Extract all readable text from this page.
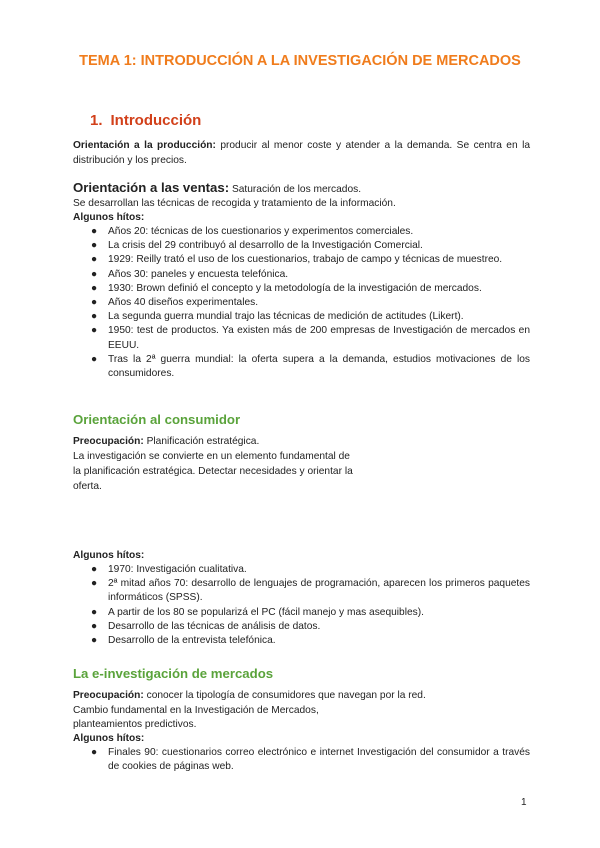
TEMA 1: INTRODUCCIÓN A LA INVESTIGACIÓN DE MERCADOS
1. Introducción
Orientación a la producción: producir al menor coste y atender a la demanda. Se centra en la distribución y los precios.
Orientación a las ventas: Saturación de los mercados.
Se desarrollan las técnicas de recogida y tratamiento de la información.
Algunos hítos:
● Años 20: técnicas de los cuestionarios y experimentos comerciales.
● La crisis del 29 contribuyó al desarrollo de la Investigación Comercial.
● 1929: Reilly trató el uso de los cuestionarios, trabajo de campo y técnicas de muestreo.
● Años 30: paneles y encuesta telefónica.
● 1930: Brown definió el concepto y la metodología de la investigación de mercados.
● Años 40 diseños experimentales.
● La segunda guerra mundial trajo las técnicas de medición de actitudes (Likert).
● 1950: test de productos. Ya existen más de 200 empresas de Investigación de mercados en EEUU.
● Tras la 2ª guerra mundial: la oferta supera a la demanda, estudios motivaciones de los consumidores.
Orientación al consumidor
Preocupación: Planificación estratégica.
La investigación se convierte en un elemento fundamental de
la planificación estratégica. Detectar necesidades y orientar la
oferta.
Algunos hítos:
● 1970: Investigación cualitativa.
● 2ª mitad años 70: desarrollo de lenguajes de programación, aparecen los primeros paquetes informáticos (SPSS).
● A partir de los 80 se popularizá el PC (fácil manejo y mas asequibles).
● Desarrollo de las técnicas de análisis de datos.
● Desarrollo de la entrevista telefónica.
La e-investigación de mercados
Preocupación: conocer la tipología de consumidores que navegan por la red.
Cambio fundamental en la Investigación de Mercados,
planteamientos predictivos.
Algunos hítos:
● Finales 90: cuestionarios correo electrónico e internet Investigación del consumidor a través de cookies de páginas web.
1
